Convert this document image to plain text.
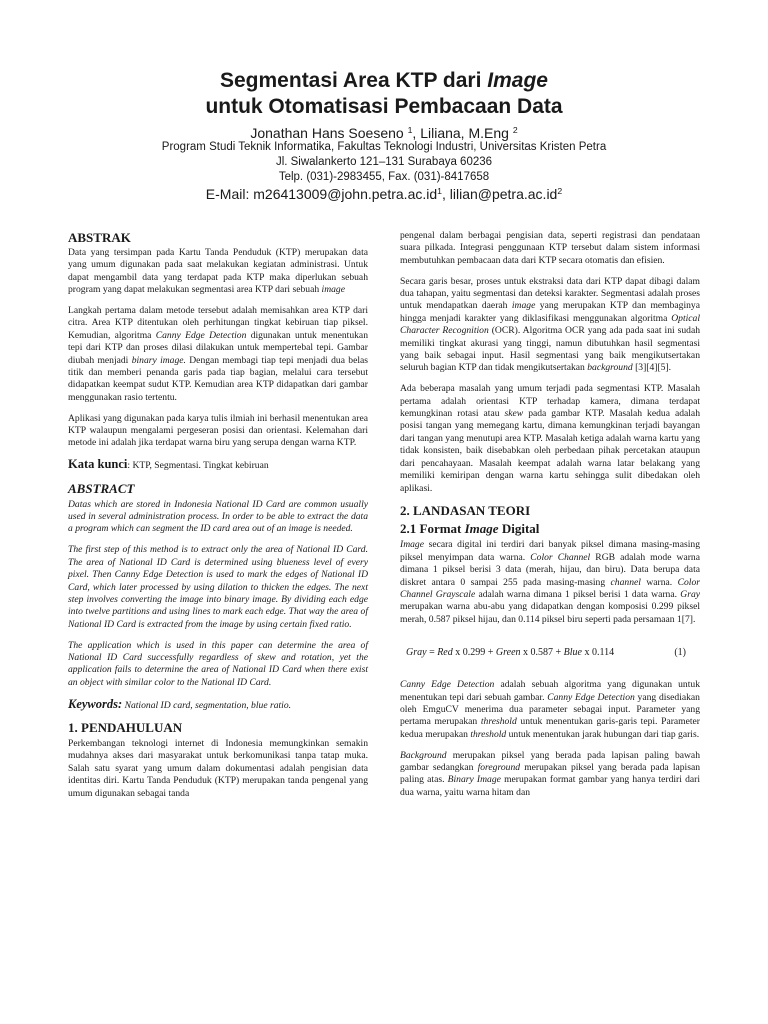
Segmentasi Area KTP dari Image
untuk Otomatisasi Pembacaan Data
Jonathan Hans Soeseno $^1$, Liliana, M.Eng $^2$
Program Studi Teknik Informatika, Fakultas Teknologi Industri, Universitas Kristen Petra
Jl. Siwalankerto 121–131 Surabaya 60236
Telp. (031)-2983455, Fax. (031)-8417658
E-Mail: $m26413009@john.petra.ac.id^1$, $lilian@petra.ac.id^2$
ABSTRAK

Data yang tersimpan pada Kartu Tanda Penduduk (KTP) merupakan data yang umum digunakan pada saat melakukan kegiatan administrasi. Untuk dapat mengambil data yang terdapat pada KTP maka diperlukan sebuah program yang dapat melakukan segmentasi area KTP dari sebuah image

Langkah pertama dalam metode tersebut adalah memisahkan area KTP dari citra. Area KTP ditentukan oleh perhitungan tingkat kebiruan tiap piksel. Kemudian, algoritma Canny Edge Detection digunakan untuk menentukan tepi dari KTP dan proses dilasi dilakukan untuk mempertebal tepi. Gambar diubah menjadi binary image. Dengan membagi tiap tepi menjadi dua belas titik dan memberi penanda garis pada tiap bagian, melalui cara tersebut didapatkan keempat sudut KTP. Kemudian area KTP didapatkan dari gambar menggunakan rasio tertentu.

Aplikasi yang digunakan pada karya tulis ilmiah ini berhasil menentukan area KTP walaupun mengalami pergeseran posisi dan orientasi. Kelemahan dari metode ini adalah jika terdapat warna biru yang serupa dengan warna KTP.

Kata kunci: KTP, Segmentasi. Tingkat kebiruan
ABSTRACT

Datas which are stored in Indonesia National ID Card are common usually used in several administration process. In order to be able to extract the data a program which can segment the ID card area out of an image is needed.

The first step of this method is to extract only the area of National ID Card. The area of National ID Card is determined using blueness level of every pixel. Then Canny Edge Detection is used to mark the edges of National ID Card, which later processed by using dilation to thicken the edges. The next step involves converting the image into binary image. By dividing each edge into twelve partitions and using lines to mark each edge. That way the area of National ID Card is extracted from the image by using certain fixed ratio.

The application which is used in this paper can determine the area of National ID Card successfully regardless of skew and rotation, yet the application fails to determine the area of National ID Card when there exist an object with similar color to the National ID Card.

Keywords: National ID card, segmentation, blue ratio.
1. PENDAHULUAN

Perkembangan teknologi internet di Indonesia memungkinkan semakin mudahnya akses dari masyarakat untuk berkomunikasi tanpa tatap muka. Salah satu syarat yang umum dalam dokumentasi adalah pengisian data identitas diri. Kartu Tanda Penduduk (KTP) merupakan tanda pengenal yang umum digunakan sebagai tanda

pengenal dalam berbagai pengisian data, seperti registrasi dan pendataan suara pilkada. Integrasi penggunaan KTP tersebut dalam sistem informasi membutuhkan pembacaan data dari KTP secara otomatis dan efisien.

Secara garis besar, proses untuk ekstraksi data dari KTP dapat dibagi dalam dua tahapan, yaitu segmentasi dan deteksi karakter. Segmentasi adalah proses untuk mendapatkan daerah image yang merupakan KTP dan membaginya hingga menjadi karakter yang diklasifikasi menggunakan algoritma Optical Character Recognition (OCR). Algoritma OCR yang ada pada saat ini sudah memiliki tingkat akurasi yang tinggi, namun dibutuhkan hasil segmentasi yang baik sebagai input. Hasil segmentasi yang baik mengikutsertakan seluruh bagian KTP dan tidak mengikutsertakan background [3][4][5].

Ada beberapa masalah yang umum terjadi pada segmentasi KTP. Masalah pertama adalah orientasi KTP terhadap kamera, dimana terdapat kemungkinan rotasi atau skew pada gambar KTP. Masalah kedua adalah posisi tangan yang memegang kartu, dimana kemungkinan terjadi bayangan dari tangan yang menutupi area KTP. Masalah ketiga adalah warna kartu yang tidak konsisten, baik disebabkan oleh perbedaan pihak percetakan ataupun dari pencahayaan. Masalah keempat adalah warna latar belakang yang memiliki kemiripan dengan warna kartu sehingga sulit dibedakan oleh aplikasi.

2. LANDASAN TEORI
2.1 Format Image Digital

Image secara digital ini terdiri dari banyak piksel dimana masing-masing piksel menyimpan data warna. Color Channel RGB adalah mode warna dimana 1 piksel berisi 3 data (merah, hijau, dan biru). Data berupa data diskret antara 0 sampai 255 pada masing-masing channel warna. Color Channel Grayscale adalah warna dimana 1 piksel berisi 1 data warna. Gray merupakan warna abu-abu yang didapatkan dengan komposisi 0.299 piksel merah, 0.587 piksel hijau, dan 0.114 piksel biru seperti pada persamaan 1[7].

Gray = Red x 0.299 + Green x 0.587 + Blue x 0.114	(1)

Canny Edge Detection adalah sebuah algoritma yang digunakan untuk menentukan tepi dari sebuah gambar. Canny Edge Detection yang disediakan oleh EmguCV menerima dua parameter sebagai input. Parameter yang pertama merupakan threshold untuk menentukan garis-garis tepi. Parameter kedua merupakan threshold untuk menentukan jarak hubungan dari tiap garis.

Background merupakan piksel yang berada pada lapisan paling bawah gambar sedangkan foreground merupakan piksel yang berada pada lapisan paling atas. Binary Image merupakan format gambar yang hanya terdiri dari dua warna, yaitu warna hitam dan
